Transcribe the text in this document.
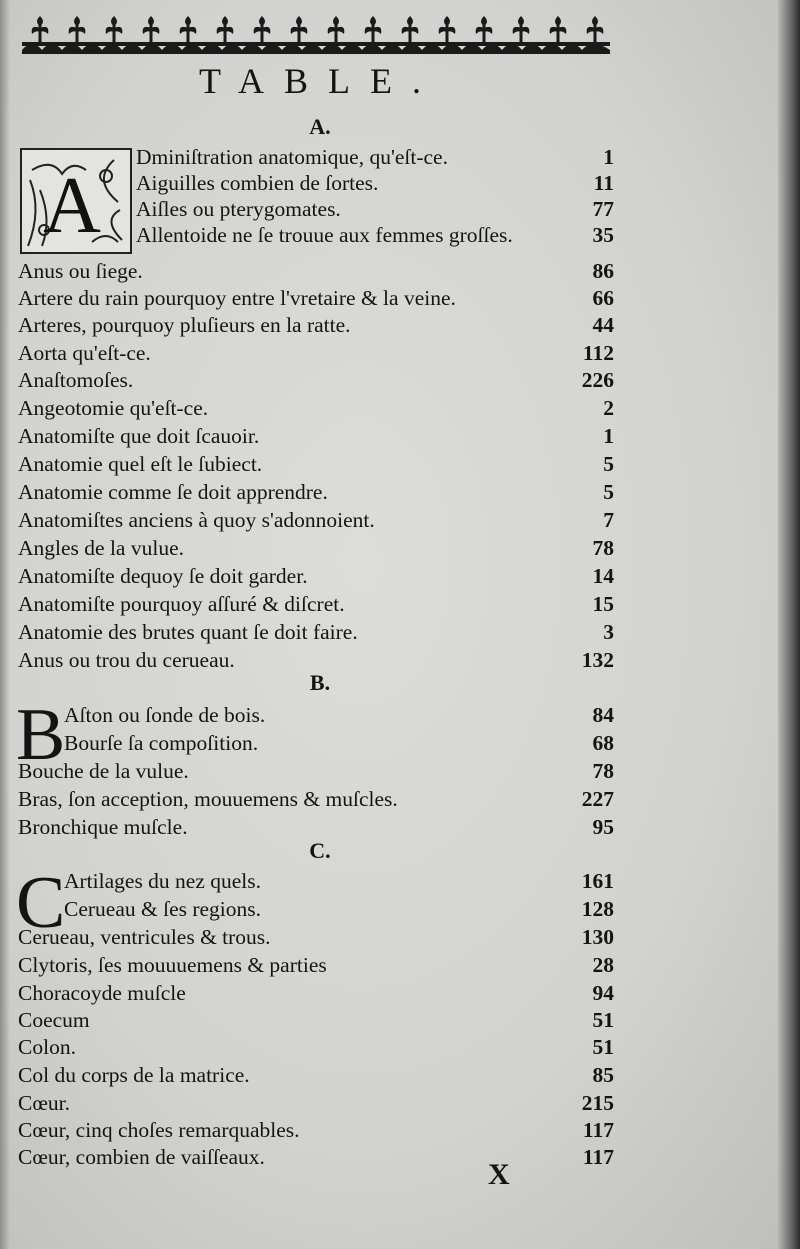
TABLE.
A
A.
Dminiſtration anatomique, qu'eſt-ce.	1
Aiguilles combien de ſortes.	11
Aiſles ou pterygomates.	77
Allentoide ne ſe trouue aux femmes groſſes.	35
Anus ou ſiege.	86
Artere du rain pourquoy entre l'vretaire & la veine.	66
Arteres, pourquoy pluſieurs en la ratte.	44
Aorta qu'eſt-ce.	112
Anaſtomoſes.	226
Angeotomie qu'eſt-ce.	2
Anatomiſte que doit ſcauoir.	1
Anatomie quel eſt le ſubiect.	5
Anatomie comme ſe doit apprendre.	5
Anatomiſtes anciens à quoy s'adonnoient.	7
Angles de la vulue.	78
Anatomiſte dequoy ſe doit garder.	14
Anatomiſte pourquoy aſſuré & diſcret.	15
Anatomie des brutes quant ſe doit faire.	3
Anus ou trou du cerueau.	132
B.
B
Aſton ou ſonde de bois.	84
Bourſe ſa compoſition.	68
Bouche de la vulue.	78
Bras, ſon acception, mouuemens & muſcles.	227
Bronchique muſcle.	95
C.
C
Artilages du nez quels.	161
Cerueau & ſes regions.	128
Cerueau, ventricules & trous.	130
Clytoris, ſes mouuuemens & parties	28
Choracoyde muſcle	94
Coecum	51
Colon.	51
Col du corps de la matrice.	85
Cœur.	215
Cœur, cinq choſes remarquables.	117
Cœur, combien de vaiſſeaux.	117
X
